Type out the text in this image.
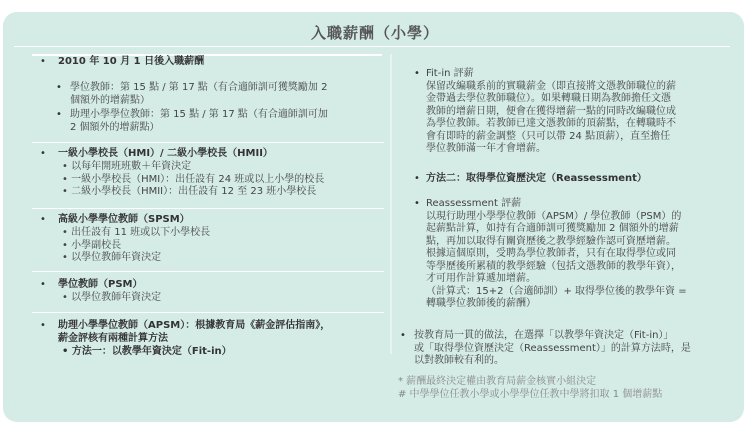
入職薪酬（小學）
• 2010 年 10 月 1 日後入職薪酬
• 學位教師：第 15 點 / 第 17 點（有合適師訓可獲獎勵加 2
個額外的增薪點）
• 助理小學學位教師：第 15 點 / 第 17 點（有合適師訓可加
2 個額外的增薪點）
• 一級小學校長（HMI）/ 二級小學校長（HMII）
• 以每年開班班數＋年資決定
• 一級小學校長（HMI）：出任設有 24 班或以上小學的校長
• 二級小學校長（HMII）：出任設有 12 至 23 班小學校長
• 高級小學學位教師（SPSM）
• 出任設有 11 班或以下小學校長
• 小學副校長
• 以學位教師年資決定
• 學位教師（PSM）
• 以學位教師年資決定
• 助理小學學位教師（APSM）：根據教育局《薪金評估指南》，
薪金評核有兩種計算方法
• 方法一：以教學年資決定（Fit-in）
• Fit-in 評薪
保留改編職系前的實職薪金（即直接將文憑教師職位的薪
金帶過去學位教師職位）。如果轉職日期為教師擔任文憑
教師的增薪日期，便會在獲得增薪一點的同時改編職位成
為學位教師。若教師已達文憑教師的頂薪點，在轉職時不
會有即時的薪金調整（只可以帶 24 點頂薪），直至擔任
學位教師滿一年才會增薪。
• 方法二：取得學位資歷決定（Reassessment）
• Reassessment 評薪
以現行助理小學學位教師（APSM）/ 學位教師（PSM）的
起薪點計算，如持有合適師訓可獲獎勵加 2 個額外的增薪
點，再加以取得有關資歷後之教學經驗作認可資歷增薪。
根據這個原則，受聘為學位教師者，只有在取得學位或同
等學歷後所累積的教學經驗（包括文憑教師的教學年資），
才可用作計算遞加增薪。
（計算式：15+2（合適師訓）+ 取得學位後的教學年資 =
轉職學位教師後的薪酬）
• 按教育局一貫的做法，在選擇「以教學年資決定（Fit-in）」
或「取得學位資歷決定（Reassessment）」的計算方法時，是
以對教師較有利的。
* 薪酬最終決定權由教育局薪金核實小組決定
# 中學學位任教小學或小學學位任教中學將扣取 1 個增薪點
